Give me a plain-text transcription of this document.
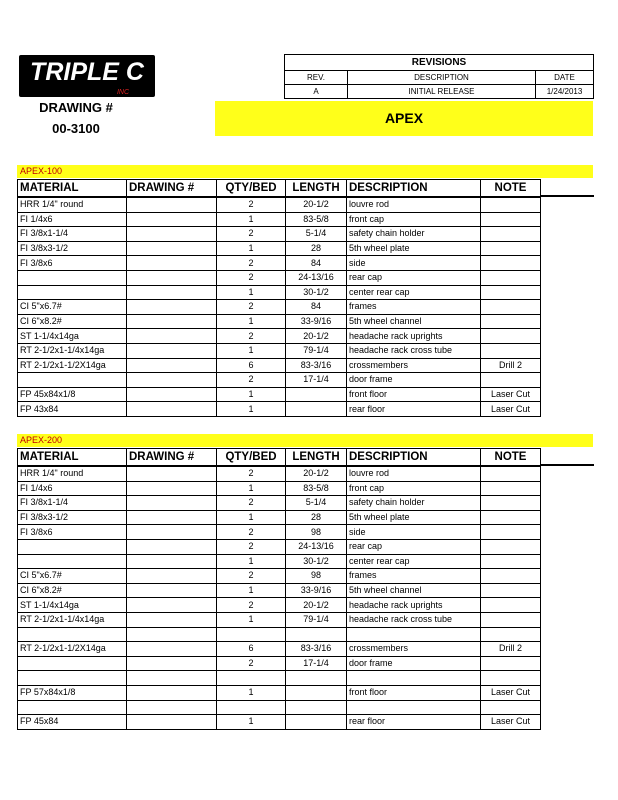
TRIPLE C
INC
DRAWING #
00-3100
REVISIONS		
REV.	DESCRIPTION	DATE
A	INITIAL RELEASE	1/24/2013
APEX
APEX-100
MATERIAL	DRAWING #	QTY/BED	LENGTH	DESCRIPTION	NOTE
HRR 1/4" round		2	20-1/2	louvre rod	
FI 1/4x6		1	83-5/8	front cap	
FI 3/8x1-1/4		2	5-1/4	safety chain holder	
FI 3/8x3-1/2		1	28	5th wheel plate	
FI 3/8x6		2	84	side	
		2	24-13/16	rear cap	
		1	30-1/2	center rear cap	
CI 5"x6.7#		2	84	frames	
CI 6"x8.2#		1	33-9/16	5th wheel channel	
ST 1-1/4x14ga		2	20-1/2	headache rack uprights	
RT 2-1/2x1-1/4x14ga		1	79-1/4	headache rack cross tube	
RT 2-1/2x1-1/2X14ga		6	83-3/16	crossmembers	Drill 2
		2	17-1/4	door frame	
FP 45x84x1/8		1		front floor	Laser Cut
FP 43x84		1		rear floor	Laser Cut
APEX-200
MATERIAL	DRAWING #	QTY/BED	LENGTH	DESCRIPTION	NOTE
HRR 1/4" round		2	20-1/2	louvre rod	
FI 1/4x6		1	83-5/8	front cap	
FI 3/8x1-1/4		2	5-1/4	safety chain holder	
FI 3/8x3-1/2		1	28	5th wheel plate	
FI 3/8x6		2	98	side	
		2	24-13/16	rear cap	
		1	30-1/2	center rear cap	
CI 5"x6.7#		2	98	frames	
CI 6"x8.2#		1	33-9/16	5th wheel channel	
ST 1-1/4x14ga		2	20-1/2	headache rack uprights	
RT 2-1/2x1-1/4x14ga		1	79-1/4	headache rack cross tube	

RT 2-1/2x1-1/2X14ga		6	83-3/16	crossmembers	Drill 2
		2	17-1/4	door frame	

FP 57x84x1/8		1		front floor	Laser Cut

FP 45x84		1		rear floor	Laser Cut
